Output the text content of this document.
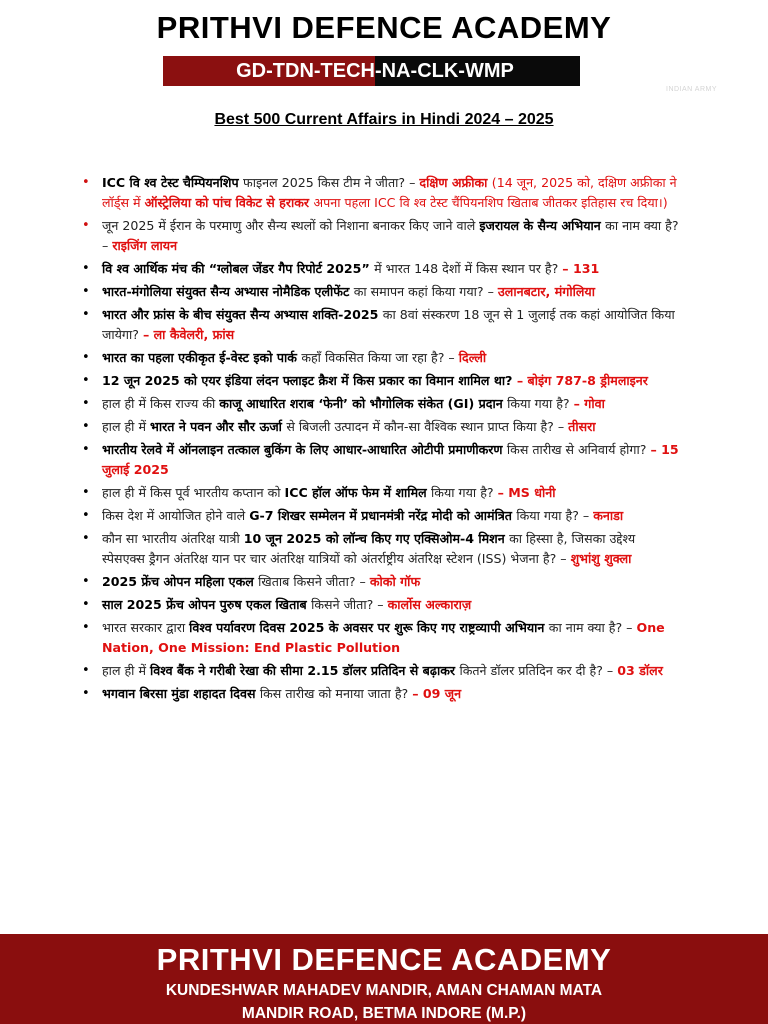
PRITHVI DEFENCE ACADEMY
GD-TDN-TECH -NA-CLK-WMP
INDIAN ARMY
Best 500 Current Affairs in Hindi 2024 – 2025
• ICC वि श्व टेस्ट चैम्पियनशिप फाइनल 2025 किस टीम ने जीता? – दक्षिण अफ्रीका (14 जून, 2025 को, दक्षिण अफ्रीका ने लॉर्ड्स में ऑस्ट्रेलिया को पांच विकेट से हराकर अपना पहला ICC वि श्व टेस्ट चैंपियनशिप खिताब जीतकर इतिहास रच दिया।)
• जून 2025 में ईरान के परमाणु और सैन्य स्थलों को निशाना बनाकर किए जाने वाले इजरायल के सैन्य अभियान का नाम क्या है? – राइजिंग लायन
• वि श्व आर्थिक मंच की “ग्लोबल जेंडर गैप रिपोर्ट 2025” में भारत 148 देशों में किस स्थान पर है? – 131
• भारत-मंगोलिया संयुक्त सैन्य अभ्यास नोमैडिक एलीफेंट का समापन कहां किया गया? – उलानबटार, मंगोलिया
• भारत और फ्रांस के बीच संयुक्त सैन्य अभ्यास शक्ति-2025 का 8वां संस्करण 18 जून से 1 जुलाई तक कहां आयोजित किया जायेगा? – ला कैवेलरी, फ्रांस
• भारत का पहला एकीकृत ई-वेस्ट इको पार्क कहाँ विकसित किया जा रहा है? – दिल्ली
• 12 जून 2025 को एयर इंडिया लंदन फ्लाइट क्रैश में किस प्रकार का विमान शामिल था? – बोइंग 787-8 ड्रीमलाइनर
• हाल ही में किस राज्य की काजू आधारित शराब ‘फेनी’ को भौगोलिक संकेत (GI) प्रदान किया गया है? – गोवा
• हाल ही में भारत ने पवन और सौर ऊर्जा से बिजली उत्पादन में कौन-सा वैश्विक स्थान प्राप्त किया है? – तीसरा
• भारतीय रेलवे में ऑनलाइन तत्काल बुकिंग के लिए आधार-आधारित ओटीपी प्रमाणीकरण किस तारीख से अनिवार्य होगा? – 15 जुलाई 2025
• हाल ही में किस पूर्व भारतीय कप्तान को ICC हॉल ऑफ फेम में शामिल किया गया है? – MS धोनी
• किस देश में आयोजित होने वाले G-7 शिखर सम्मेलन में प्रधानमंत्री नरेंद्र मोदी को आमंत्रित किया गया है? – कनाडा
• कौन सा भारतीय अंतरिक्ष यात्री 10 जून 2025 को लॉन्च किए गए एक्सिओम-4 मिशन का हिस्सा है, जिसका उद्देश्य स्पेसएक्स ड्रैगन अंतरिक्ष यान पर चार अंतरिक्ष यात्रियों को अंतर्राष्ट्रीय अंतरिक्ष स्टेशन (ISS) भेजना है? – शुभांशु शुक्ला
• 2025 फ्रेंच ओपन महिला एकल खिताब किसने जीता? – कोको गॉफ
• साल 2025 फ्रेंच ओपन पुरुष एकल खिताब किसने जीता? – कार्लोस अल्काराज़
• भारत सरकार द्वारा विश्व पर्यावरण दिवस 2025 के अवसर पर शुरू किए गए राष्ट्रव्यापी अभियान का नाम क्या है? – One Nation, One Mission: End Plastic Pollution
• हाल ही में विश्व बैंक ने गरीबी रेखा की सीमा 2.15 डॉलर प्रतिदिन से बढ़ाकर कितने डॉलर प्रतिदिन कर दी है? – 03 डॉलर
• भगवान बिरसा मुंडा शहादत दिवस किस तारीख को मनाया जाता है? – 09 जून
PRITHVI DEFENCE ACADEMY
KUNDESHWAR MAHADEV MANDIR, AMAN CHAMAN MATA
MANDIR ROAD, BETMA INDORE (M.P.)
